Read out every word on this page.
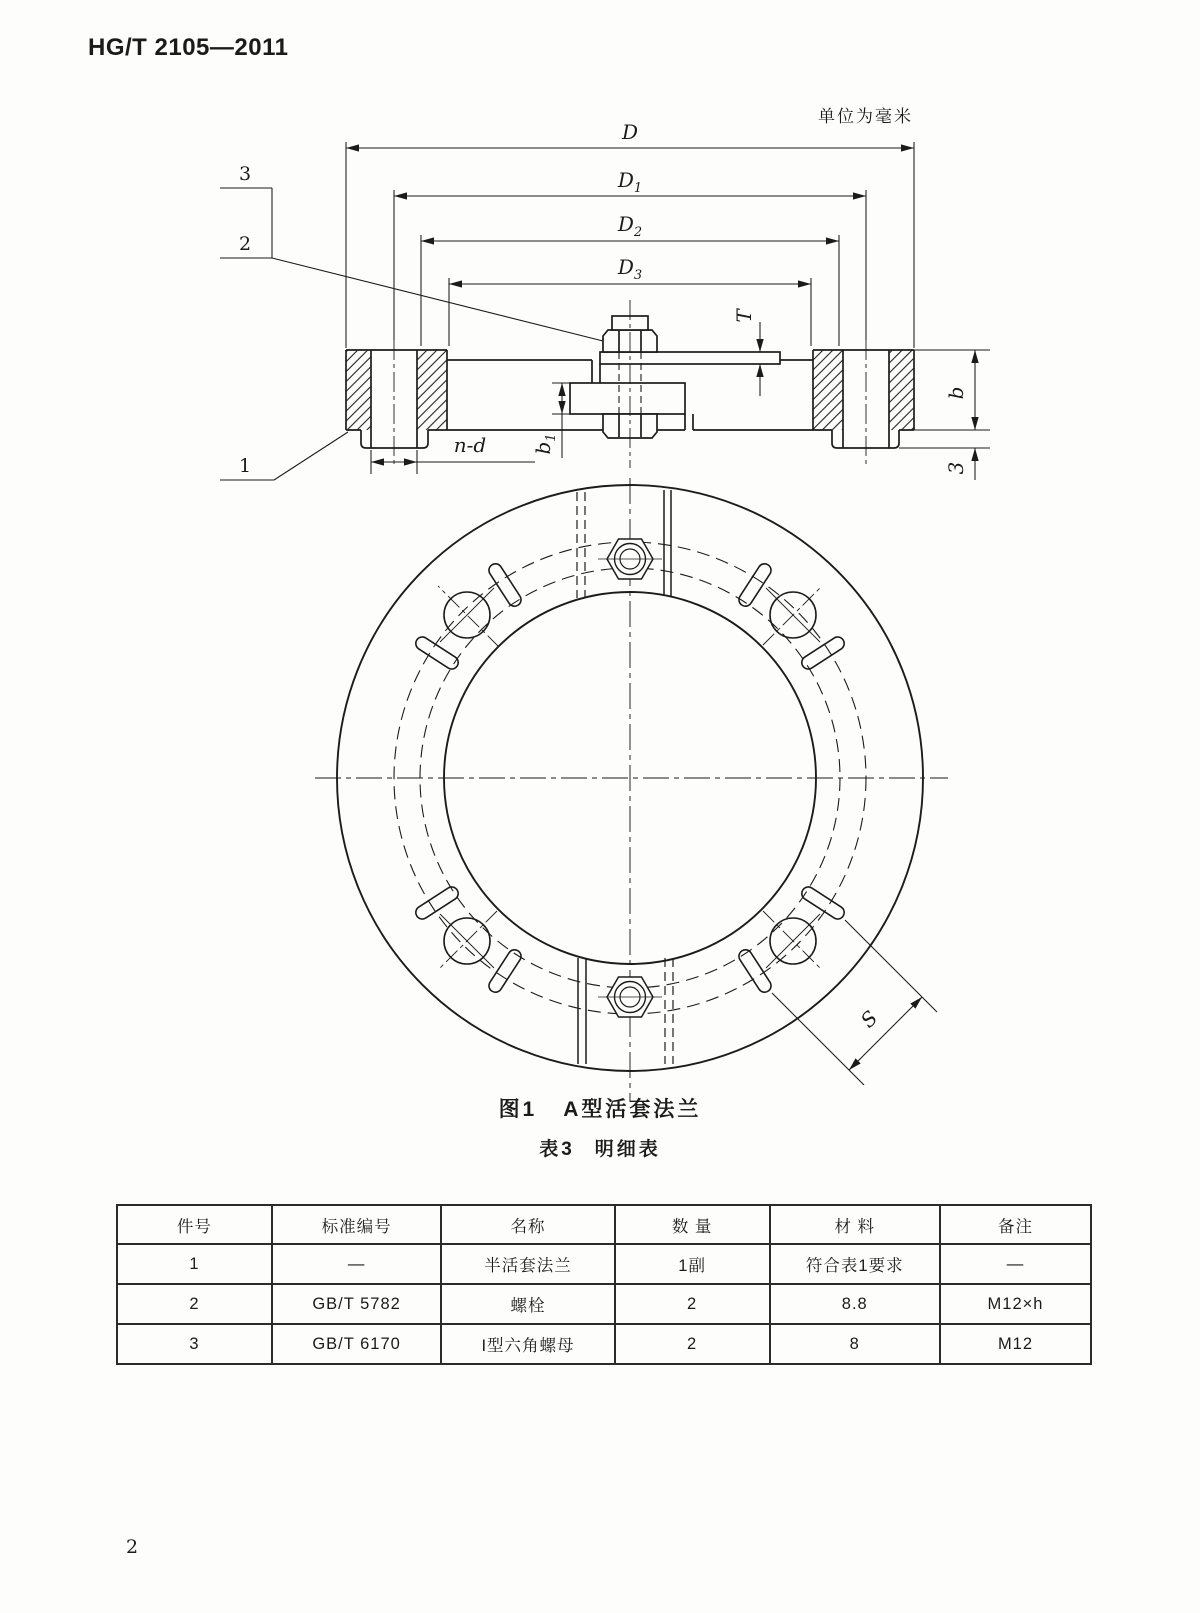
HG/T 2105—2011
单位为毫米
D
$D_1$
$D_2$
$D_3$
T
b
3
$b_1$
n-d
3
2
1
S
图1 A型活套法兰
表3 明细表
件号	标准编号	名称	数 量	材 料	备注
1	—	半活套法兰	1副	符合表1要求	—
2	GB/T 5782	螺栓	2	8.8	M12×h
3	GB/T 6170	I型六角螺母	2	8	M12
2
